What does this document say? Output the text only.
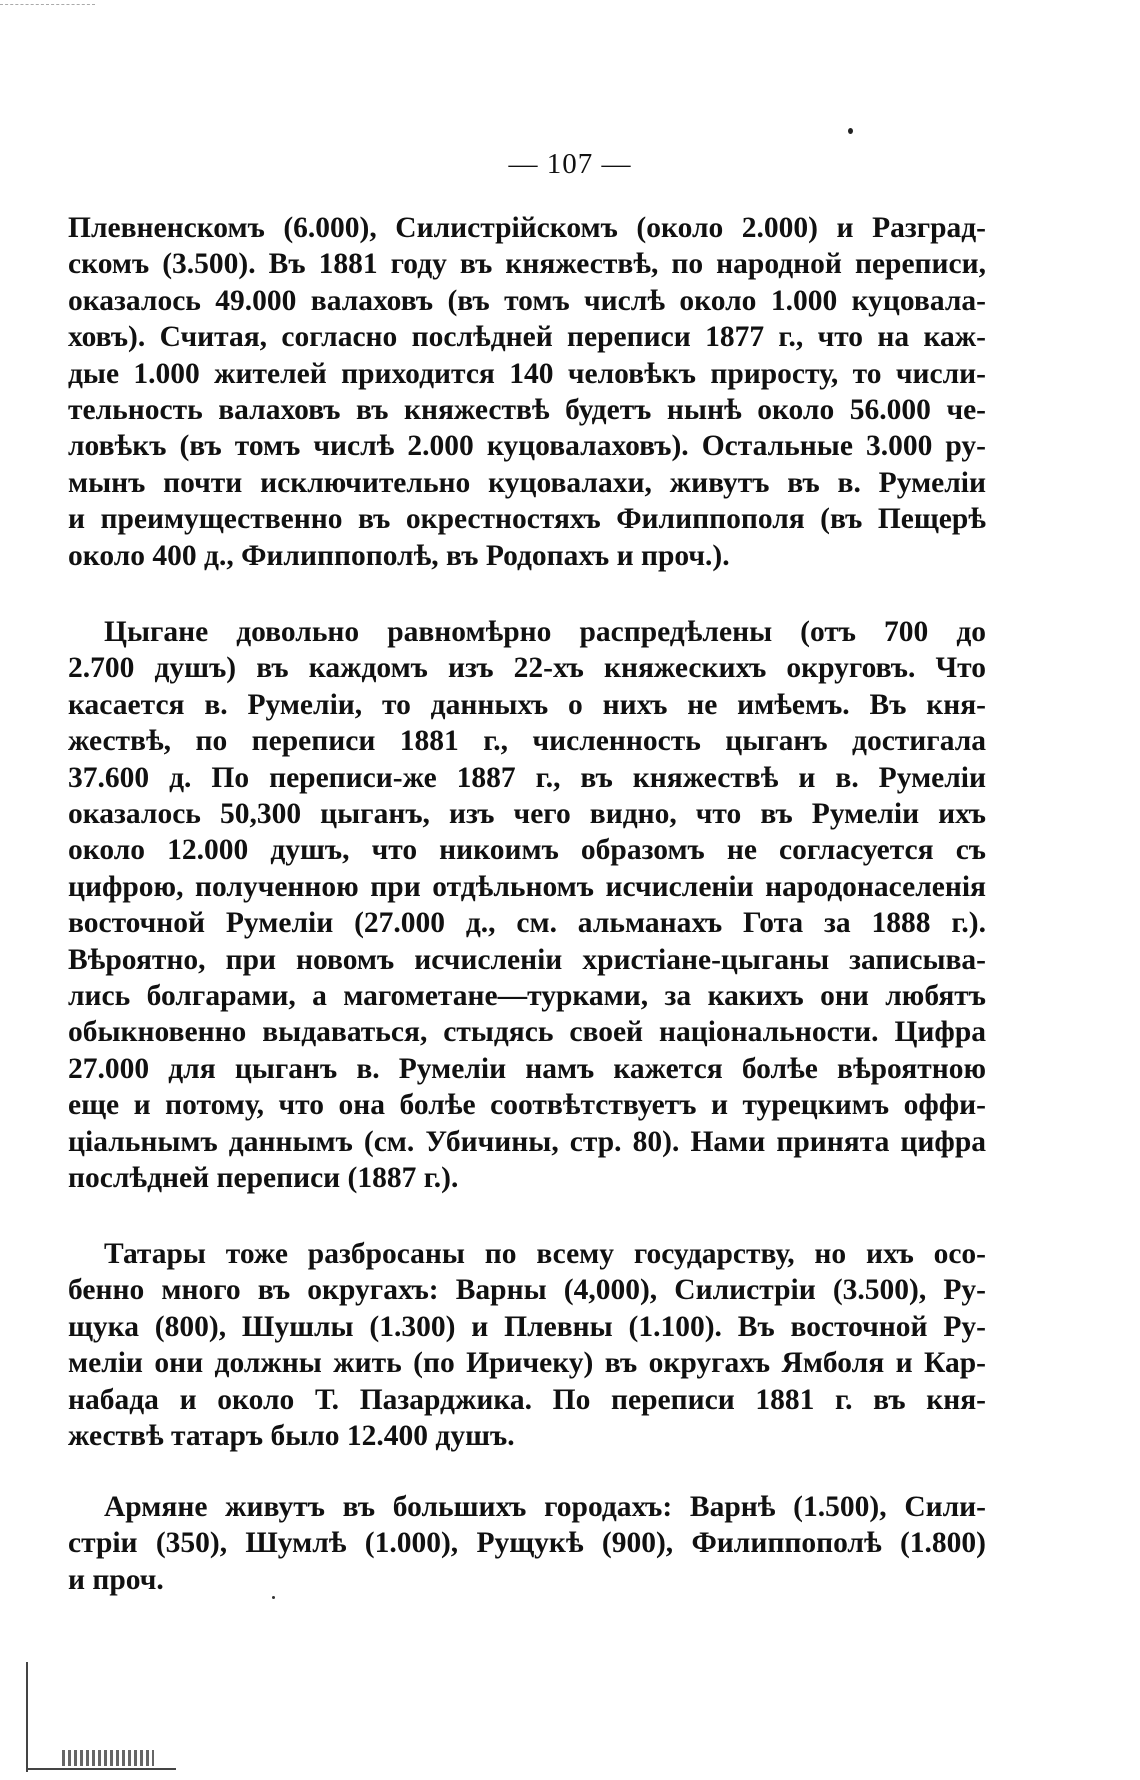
— 107 —
Плевненскомъ (6.000), Силистрійскомъ (около 2.000) и Разград-
скомъ (3.500). Въ 1881 году въ княжествѣ, по народной переписи,
оказалось 49.000 валаховъ (въ томъ числѣ около 1.000 куцовала-
ховъ). Считая, согласно послѣдней переписи 1877 г., что на каж-
дые 1.000 жителей приходится 140 человѣкъ приросту, то числи-
тельность валаховъ въ княжествѣ будетъ нынѣ около 56.000 че-
ловѣкъ (въ томъ числѣ 2.000 куцовалаховъ). Остальные 3.000 ру-
мынъ почти исключительно куцовалахи, живутъ въ в. Румеліи
и преимущественно въ окрестностяхъ Филиппополя (въ Пещерѣ
около 400 д., Филиппополѣ, въ Родопахъ и проч.).
Цыгане довольно равномѣрно распредѣлены (отъ 700 до
2.700 душъ) въ каждомъ изъ 22-хъ княжескихъ округовъ. Что
касается в. Румеліи, то данныхъ о нихъ не имѣемъ. Въ кня-
жествѣ, по переписи 1881 г., численность цыганъ достигала
37.600 д. По переписи-же 1887 г., въ княжествѣ и в. Румеліи
оказалось 50,300 цыганъ, изъ чего видно, что въ Румеліи ихъ
около 12.000 душъ, что никоимъ образомъ не согласуется съ
цифрою, полученною при отдѣльномъ исчисленіи народонаселенія
восточной Румеліи (27.000 д., см. альманахъ Гота за 1888 г.).
Вѣроятно, при новомъ исчисленіи христіане-цыганы записыва-
лись болгарами, а магометане—турками, за какихъ они любятъ
обыкновенно выдаваться, стыдясь своей національности. Цифра
27.000 для цыганъ в. Румеліи намъ кажется болѣе вѣроятною
еще и потому, что она болѣе соотвѣтствуетъ и турецкимъ оффи-
ціальнымъ даннымъ (см. Убичины, стр. 80). Нами принята цифра
послѣдней переписи (1887 г.).
Татары тоже разбросаны по всему государству, но ихъ осо-
бенно много въ округахъ: Варны (4,000), Силистріи (3.500), Ру-
щука (800), Шушлы (1.300) и Плевны (1.100). Въ восточной Ру-
меліи они должны жить (по Иричеку) въ округахъ Ямболя и Кар-
набада и около Т. Пазарджика. По переписи 1881 г. въ кня-
жествѣ татаръ было 12.400 душъ.
Армяне живутъ въ большихъ городахъ: Варнѣ (1.500), Сили-
стріи (350), Шумлѣ (1.000), Рущукѣ (900), Филиппополѣ (1.800)
и проч.
